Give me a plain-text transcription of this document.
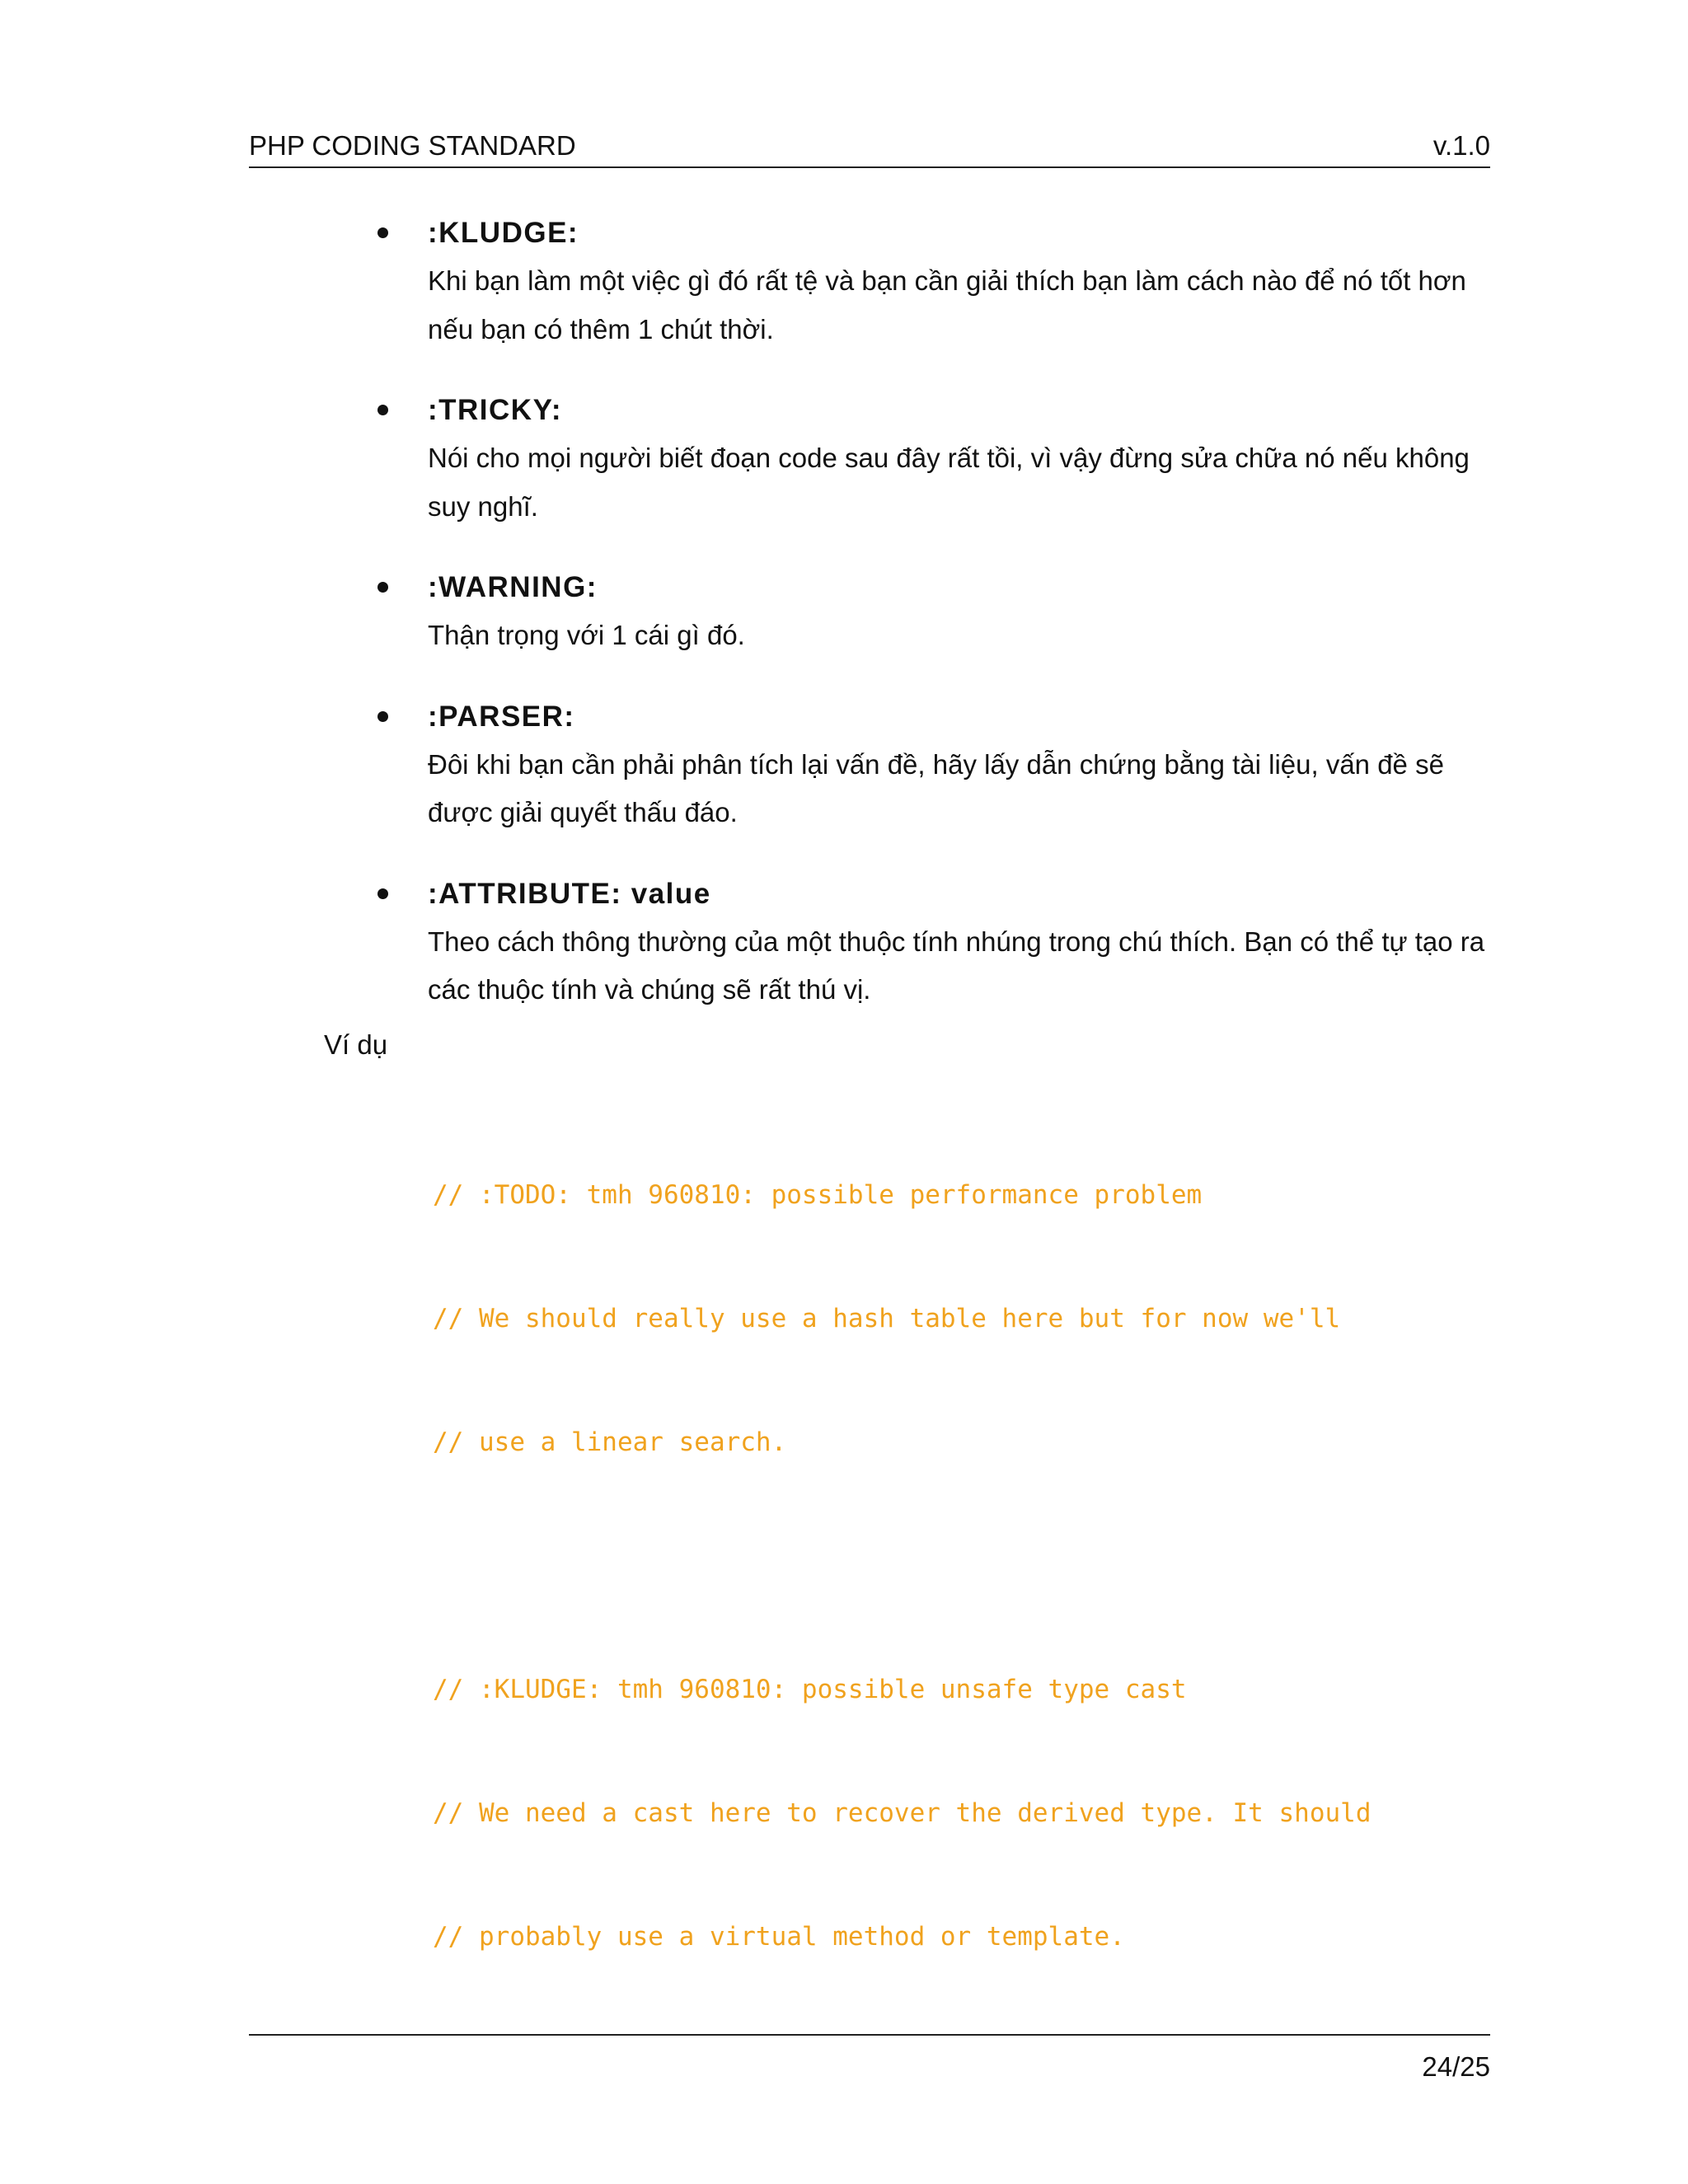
PHP CODING STANDARD	v.1.0
:KLUDGE:
Khi bạn làm một việc gì đó rất tệ và bạn cần giải thích bạn làm cách nào để nó tốt hơn nếu bạn có thêm 1 chút thời.
:TRICKY:
Nói cho mọi người biết đoạn code sau đây rất tồi, vì vậy đừng sửa chữa nó nếu không suy nghĩ.
:WARNING:
Thận trọng với 1 cái gì đó.
:PARSER:
Đôi khi bạn cần phải phân tích lại vấn đề, hãy lấy dẫn chứng bằng tài liệu, vấn đề sẽ được giải quyết thấu đáo.
:ATTRIBUTE: value
Theo cách thông thường của một thuộc tính nhúng trong chú thích. Bạn có thể tự tạo ra các thuộc tính và chúng sẽ rất thú vị.
Ví dụ

// :TODO: tmh 960810: possible performance problem

// We should really use a hash table here but for now we'll

// use a linear search.

// :KLUDGE: tmh 960810: possible unsafe type cast

// We need a cast here to recover the derived type. It should

// probably use a virtual method or template.

24/25
